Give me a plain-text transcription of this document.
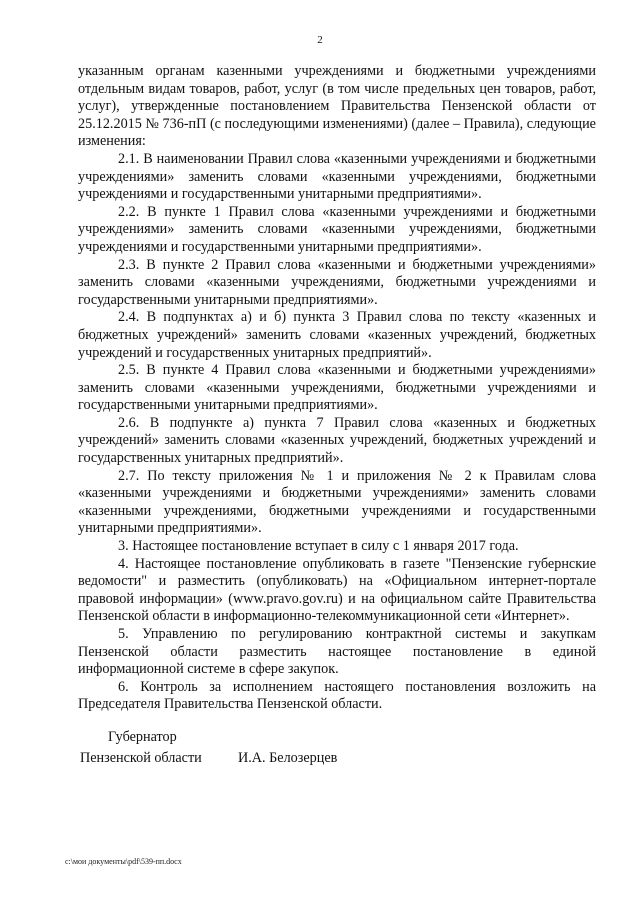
2

указанным органам казенными учреждениями и бюджетными учреждениями отдельным видам товаров, работ, услуг (в том числе предельных цен товаров, работ, услуг), утвержденные постановлением Правительства Пензенской области от 25.12.2015 № 736-пП (с последующими изменениями) (далее – Правила), следующие изменения:

2.1. В наименовании Правил слова «казенными учреждениями и бюджетными учреждениями» заменить словами «казенными учреждениями, бюджетными учреждениями и государственными унитарными предприятиями».

2.2. В пункте 1 Правил слова «казенными учреждениями и бюджетными учреждениями» заменить словами «казенными учреждениями, бюджетными учреждениями и государственными унитарными предприятиями».

2.3. В пункте 2 Правил слова «казенными и бюджетными учреждениями» заменить словами «казенными учреждениями, бюджетными учреждениями и государственными унитарными предприятиями».

2.4. В подпунктах а) и б) пункта 3 Правил слова по тексту «казенных и бюджетных учреждений» заменить словами «казенных учреждений, бюджетных учреждений и государственных унитарных предприятий».

2.5. В пункте 4 Правил слова «казенными и бюджетными учреждениями» заменить словами «казенными учреждениями, бюджетными учреждениями и государственными унитарными предприятиями».

2.6. В подпункте а) пункта 7 Правил слова «казенных и бюджетных учреждений» заменить словами «казенных учреждений, бюджетных учреждений и государственных унитарных предприятий».

2.7. По тексту приложения № 1 и приложения № 2 к Правилам слова «казенными учреждениями и бюджетными учреждениями» заменить словами «казенными учреждениями, бюджетными учреждениями и государственными унитарными предприятиями».

3. Настоящее постановление вступает в силу с 1 января 2017 года.

4. Настоящее постановление опубликовать в газете "Пензенские губернские ведомости" и разместить (опубликовать) на «Официальном интернет-портале правовой информации» (www.pravo.gov.ru) и на официальном сайте Правительства Пензенской области в информационно-телекоммуникационной сети «Интернет».

5. Управлению по регулированию контрактной системы и закупкам Пензенской области разместить настоящее постановление в единой информационной системе в сфере закупок.

6. Контроль за исполнением настоящего постановления возложить на Председателя Правительства Пензенской области.

Губернатор
Пензенской области	И.А. Белозерцев
c:\мои документы\pdf\539-пп.docx
